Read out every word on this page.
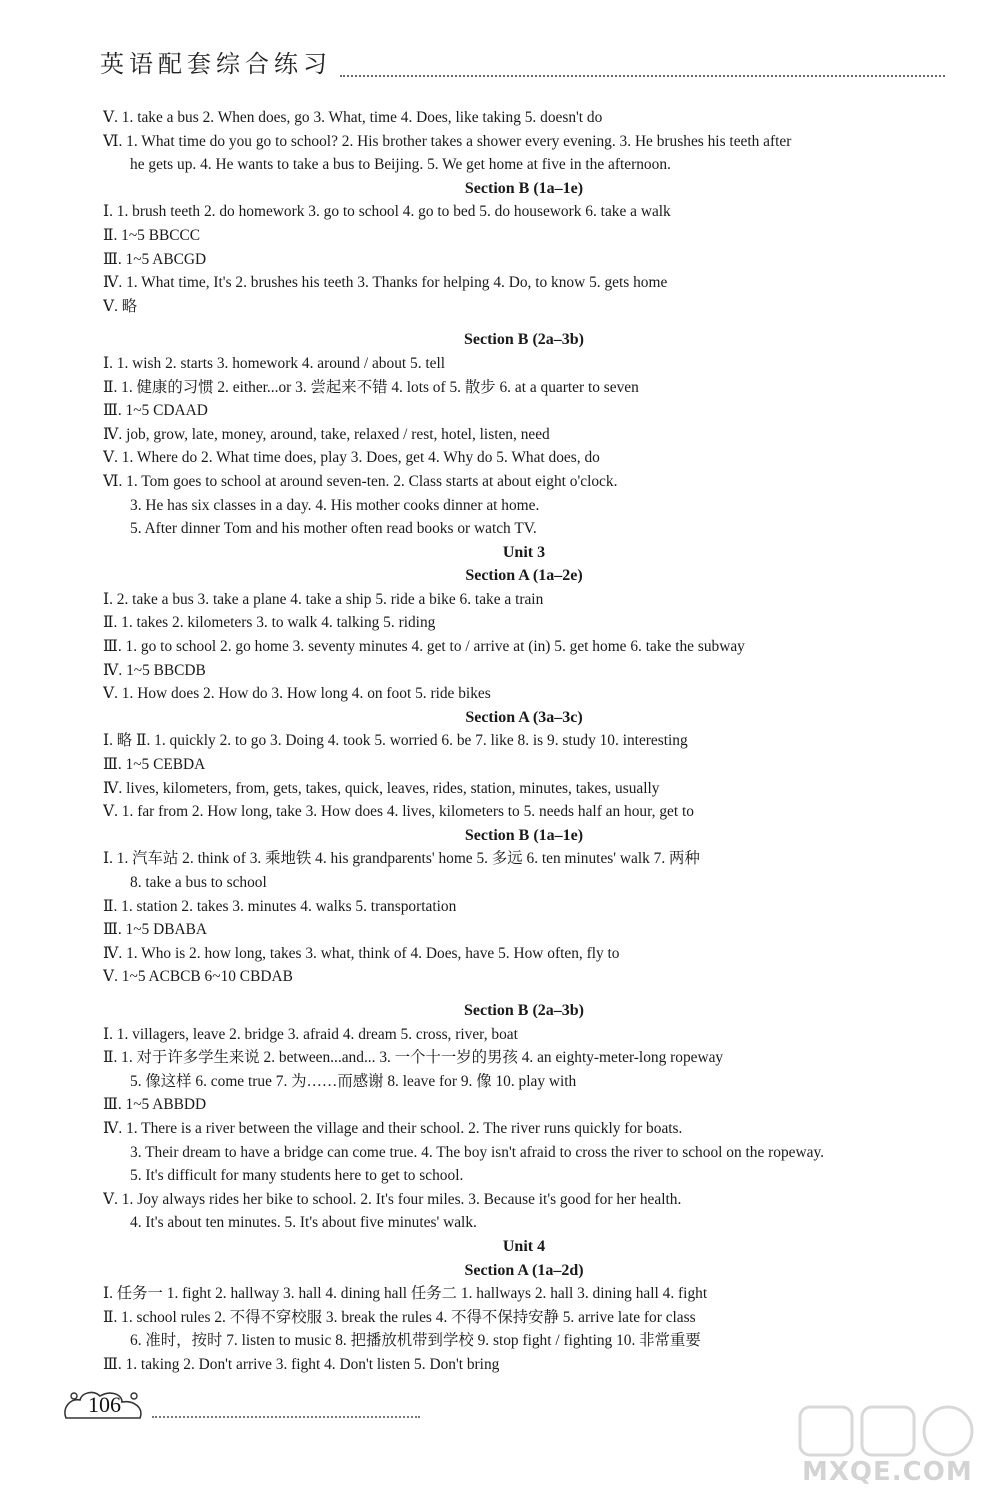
英语配套综合练习
Ⅴ. 1. take a bus 2. When does, go 3. What, time 4. Does, like taking 5. doesn't do
Ⅵ. 1. What time do you go to school? 2. His brother takes a shower every evening. 3. He brushes his teeth after
he gets up. 4. He wants to take a bus to Beijing. 5. We get home at five in the afternoon.
Section B (1a–1e)
Ⅰ. 1. brush teeth 2. do homework 3. go to school 4. go to bed 5. do housework 6. take a walk
Ⅱ. 1~5 BBCCC
Ⅲ. 1~5 ABCGD
Ⅳ. 1. What time, It's 2. brushes his teeth 3. Thanks for helping 4. Do, to know 5. gets home
Ⅴ. 略
Section B (2a–3b)
Ⅰ. 1. wish 2. starts 3. homework 4. around / about 5. tell
Ⅱ. 1. 健康的习惯 2. either...or 3. 尝起来不错 4. lots of 5. 散步 6. at a quarter to seven
Ⅲ. 1~5 CDAAD
Ⅳ. job, grow, late, money, around, take, relaxed / rest, hotel, listen, need
Ⅴ. 1. Where do 2. What time does, play 3. Does, get 4. Why do 5. What does, do
Ⅵ. 1. Tom goes to school at around seven-ten. 2. Class starts at about eight o'clock.
3. He has six classes in a day. 4. His mother cooks dinner at home.
5. After dinner Tom and his mother often read books or watch TV.
Unit 3
Section A (1a–2e)
Ⅰ. 2. take a bus 3. take a plane 4. take a ship 5. ride a bike 6. take a train
Ⅱ. 1. takes 2. kilometers 3. to walk 4. talking 5. riding
Ⅲ. 1. go to school 2. go home 3. seventy minutes 4. get to / arrive at (in) 5. get home 6. take the subway
Ⅳ. 1~5 BBCDB
Ⅴ. 1. How does 2. How do 3. How long 4. on foot 5. ride bikes
Section A (3a–3c)
Ⅰ. 略 Ⅱ. 1. quickly 2. to go 3. Doing 4. took 5. worried 6. be 7. like 8. is 9. study 10. interesting
Ⅲ. 1~5 CEBDA
Ⅳ. lives, kilometers, from, gets, takes, quick, leaves, rides, station, minutes, takes, usually
Ⅴ. 1. far from 2. How long, take 3. How does 4. lives, kilometers to 5. needs half an hour, get to
Section B (1a–1e)
Ⅰ. 1. 汽车站 2. think of 3. 乘地铁 4. his grandparents' home 5. 多远 6. ten minutes' walk 7. 两种
8. take a bus to school
Ⅱ. 1. station 2. takes 3. minutes 4. walks 5. transportation
Ⅲ. 1~5 DBABA
Ⅳ. 1. Who is 2. how long, takes 3. what, think of 4. Does, have 5. How often, fly to
Ⅴ. 1~5 ACBCB 6~10 CBDAB
Section B (2a–3b)
Ⅰ. 1. villagers, leave 2. bridge 3. afraid 4. dream 5. cross, river, boat
Ⅱ. 1. 对于许多学生来说 2. between...and... 3. 一个十一岁的男孩 4. an eighty-meter-long ropeway
5. 像这样 6. come true 7. 为……而感谢 8. leave for 9. 像 10. play with
Ⅲ. 1~5 ABBDD
Ⅳ. 1. There is a river between the village and their school. 2. The river runs quickly for boats.
3. Their dream to have a bridge can come true. 4. The boy isn't afraid to cross the river to school on the ropeway.
5. It's difficult for many students here to get to school.
Ⅴ. 1. Joy always rides her bike to school. 2. It's four miles. 3. Because it's good for her health.
4. It's about ten minutes. 5. It's about five minutes' walk.
Unit 4
Section A (1a–2d)
Ⅰ. 任务一 1. fight 2. hallway 3. hall 4. dining hall 任务二 1. hallways 2. hall 3. dining hall 4. fight
Ⅱ. 1. school rules 2. 不得不穿校服 3. break the rules 4. 不得不保持安静 5. arrive late for class
6. 准时，按时 7. listen to music 8. 把播放机带到学校 9. stop fight / fighting 10. 非常重要
Ⅲ. 1. taking 2. Don't arrive 3. fight 4. Don't listen 5. Don't bring
106
MXQE.COM
